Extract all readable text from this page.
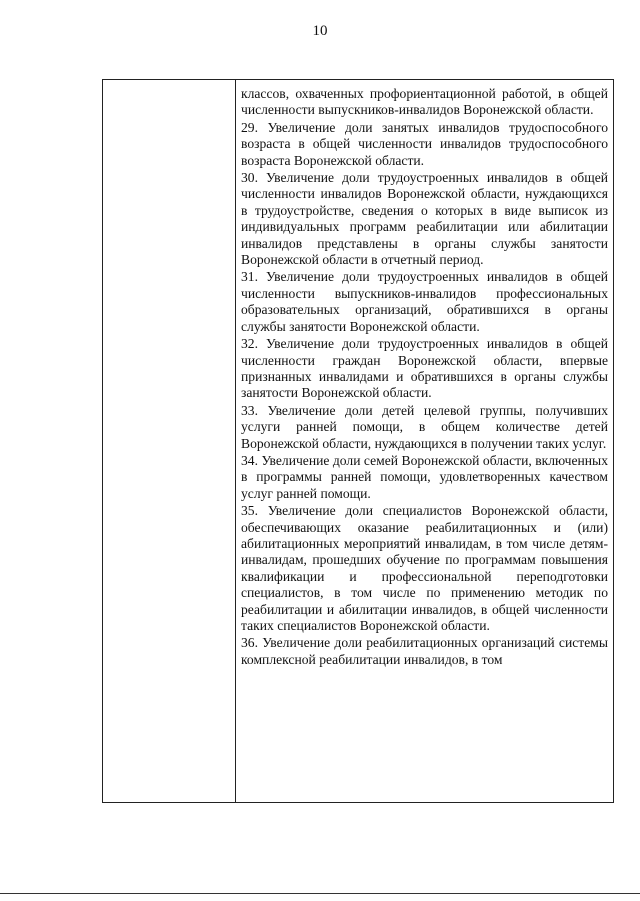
10

классов, охваченных профориентационной работой, в общей численности выпускников-инвалидов Воронежской области.

29. Увеличение доли занятых инвалидов трудоспособного возраста в общей численности инвалидов трудоспособного возраста Воронежской области.

30. Увеличение доли трудоустроенных инвалидов в общей численности инвалидов Воронежской области, нуждающихся в трудоустройстве, сведения о которых в виде выписок из индивидуальных программ реабилитации или абилитации инвалидов представлены в органы службы занятости Воронежской области в отчетный период.

31. Увеличение доли трудоустроенных инвалидов в общей численности выпускников-инвалидов профессиональных образовательных организаций, обратившихся в органы службы занятости Воронежской области.

32. Увеличение доли трудоустроенных инвалидов в общей численности граждан Воронежской области, впервые признанных инвалидами и обратившихся в органы службы занятости Воронежской области.

33. Увеличение доли детей целевой группы, получивших услуги ранней помощи, в общем количестве детей Воронежской области, нуждающихся в получении таких услуг.

34. Увеличение доли семей Воронежской области, включенных в программы ранней помощи, удовлетворенных качеством услуг ранней помощи.

35. Увеличение доли специалистов Воронежской области, обеспечивающих оказание реабилитационных и (или) абилитационных мероприятий инвалидам, в том числе детям-инвалидам, прошедших обучение по программам повышения квалификации и профессиональной переподготовки специалистов, в том числе по применению методик по реабилитации и абилитации инвалидов, в общей численности таких специалистов Воронежской области.

36. Увеличение доли реабилитационных организаций системы комплексной реабилитации инвалидов, в том
